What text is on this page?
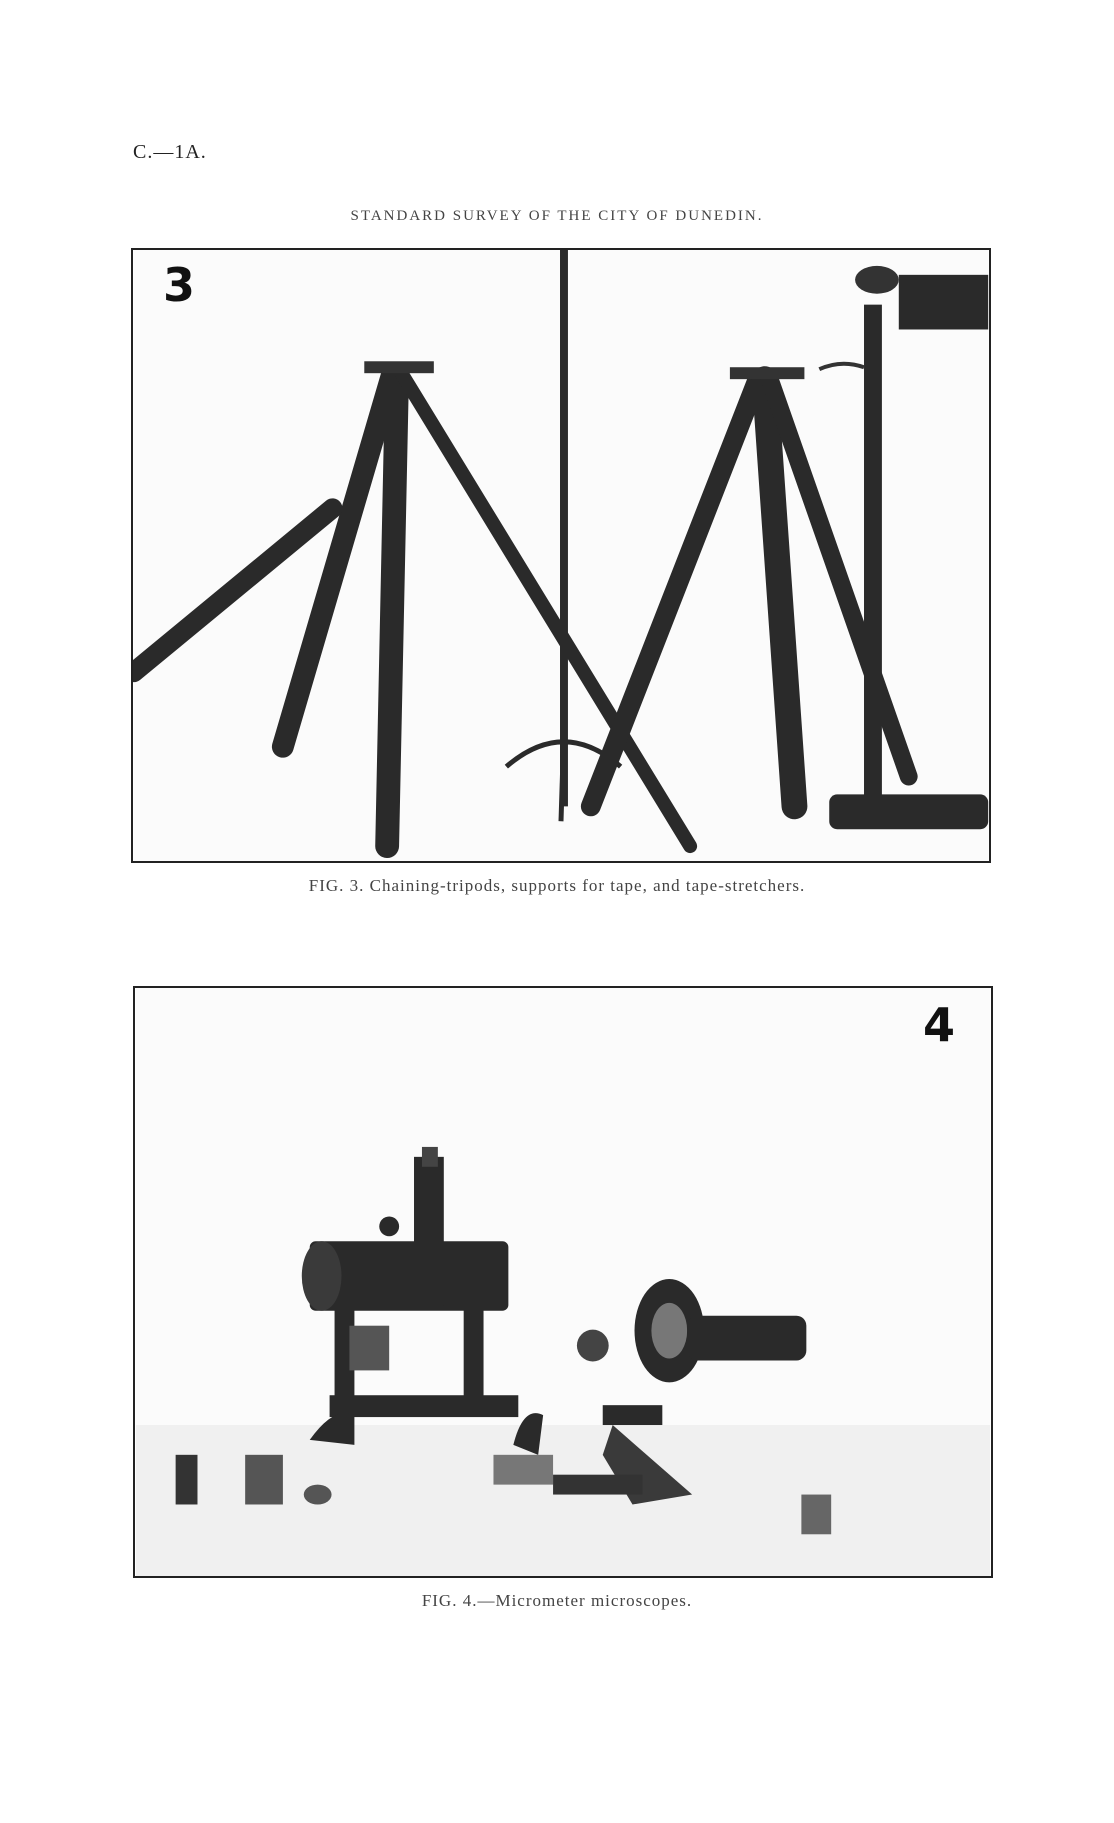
C.—1A.
STANDARD SURVEY OF THE CITY OF DUNEDIN.
3
FIG. 3. Chaining-tripods, supports for tape, and tape-stretchers.
4
FIG. 4.—Micrometer microscopes.
